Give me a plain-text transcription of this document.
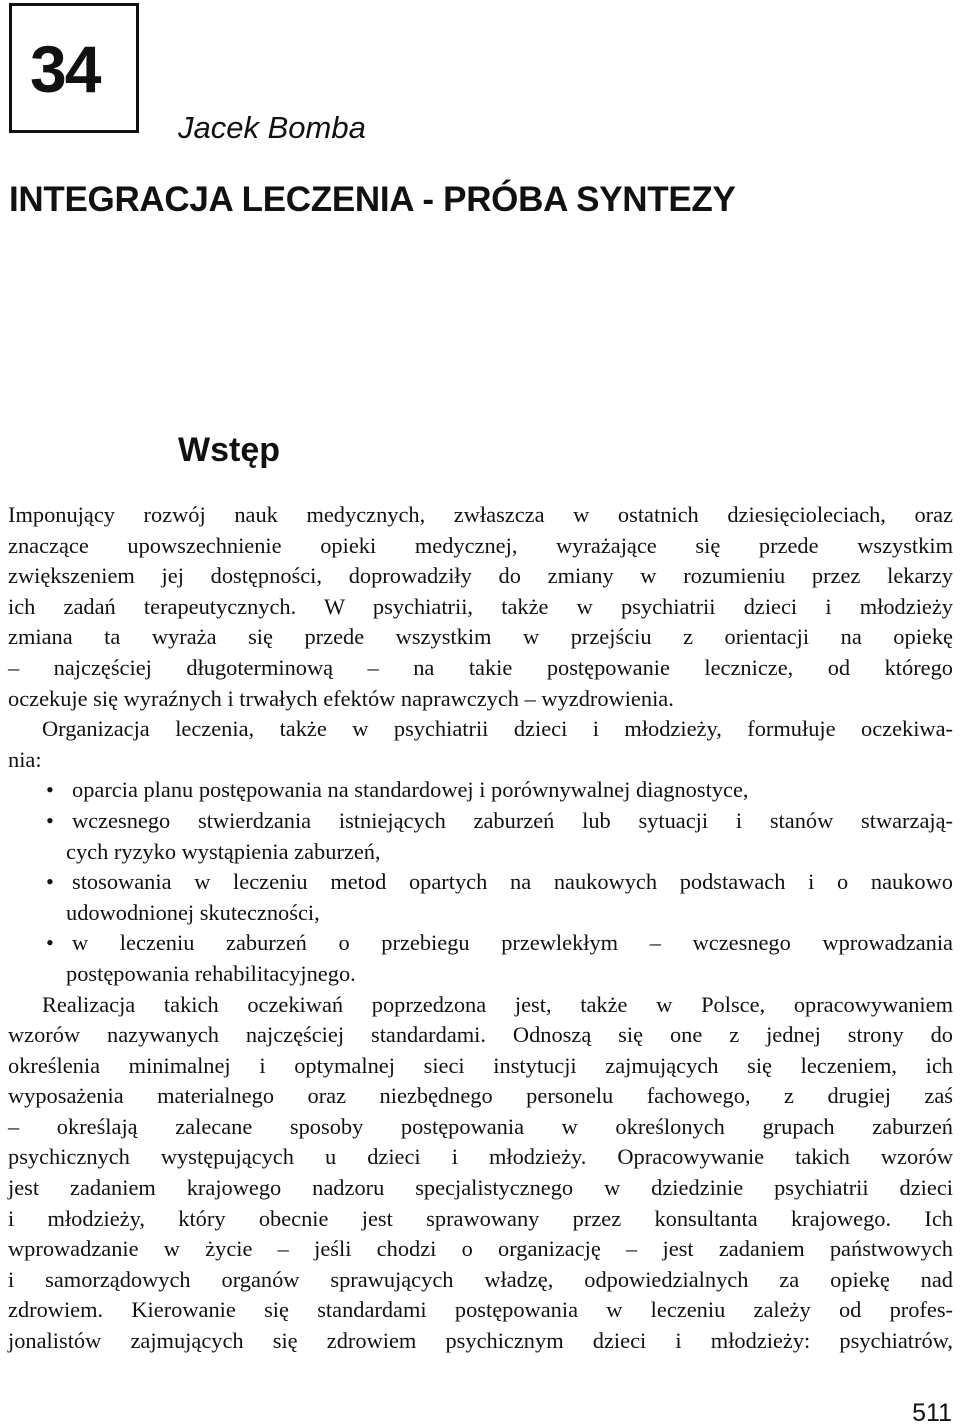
34
Jacek Bomba
INTEGRACJA LECZENIA - PRÓBA SYNTEZY
Wstęp
Imponujący rozwój nauk medycznych, zwłaszcza w ostatnich dziesięcioleciach, oraz
znaczące upowszechnienie opieki medycznej, wyrażające się przede wszystkim
zwiększeniem jej dostępności, doprowadziły do zmiany w rozumieniu przez lekarzy
ich zadań terapeutycznych. W psychiatrii, także w psychiatrii dzieci i młodzieży
zmiana ta wyraża się przede wszystkim w przejściu z orientacji na opiekę
– najczęściej długoterminową – na takie postępowanie lecznicze, od którego
oczekuje się wyraźnych i trwałych efektów naprawczych – wyzdrowienia.
Organizacja leczenia, także w psychiatrii dzieci i młodzieży, formułuje oczekiwa-
nia:
• oparcia planu postępowania na standardowej i porównywalnej diagnostyce,
• wczesnego stwierdzania istniejących zaburzeń lub sytuacji i stanów stwarzają-
cych ryzyko wystąpienia zaburzeń,
• stosowania w leczeniu metod opartych na naukowych podstawach i o naukowo
udowodnionej skuteczności,
• w leczeniu zaburzeń o przebiegu przewlekłym – wczesnego wprowadzania
postępowania rehabilitacyjnego.
Realizacja takich oczekiwań poprzedzona jest, także w Polsce, opracowywaniem
wzorów nazywanych najczęściej standardami. Odnoszą się one z jednej strony do
określenia minimalnej i optymalnej sieci instytucji zajmujących się leczeniem, ich
wyposażenia materialnego oraz niezbędnego personelu fachowego, z drugiej zaś
– określają zalecane sposoby postępowania w określonych grupach zaburzeń
psychicznych występujących u dzieci i młodzieży. Opracowywanie takich wzorów
jest zadaniem krajowego nadzoru specjalistycznego w dziedzinie psychiatrii dzieci
i młodzieży, który obecnie jest sprawowany przez konsultanta krajowego. Ich
wprowadzanie w życie – jeśli chodzi o organizację – jest zadaniem państwowych
i samorządowych organów sprawujących władzę, odpowiedzialnych za opiekę nad
zdrowiem. Kierowanie się standardami postępowania w leczeniu zależy od profes-
jonalistów zajmujących się zdrowiem psychicznym dzieci i młodzieży: psychiatrów,
511
